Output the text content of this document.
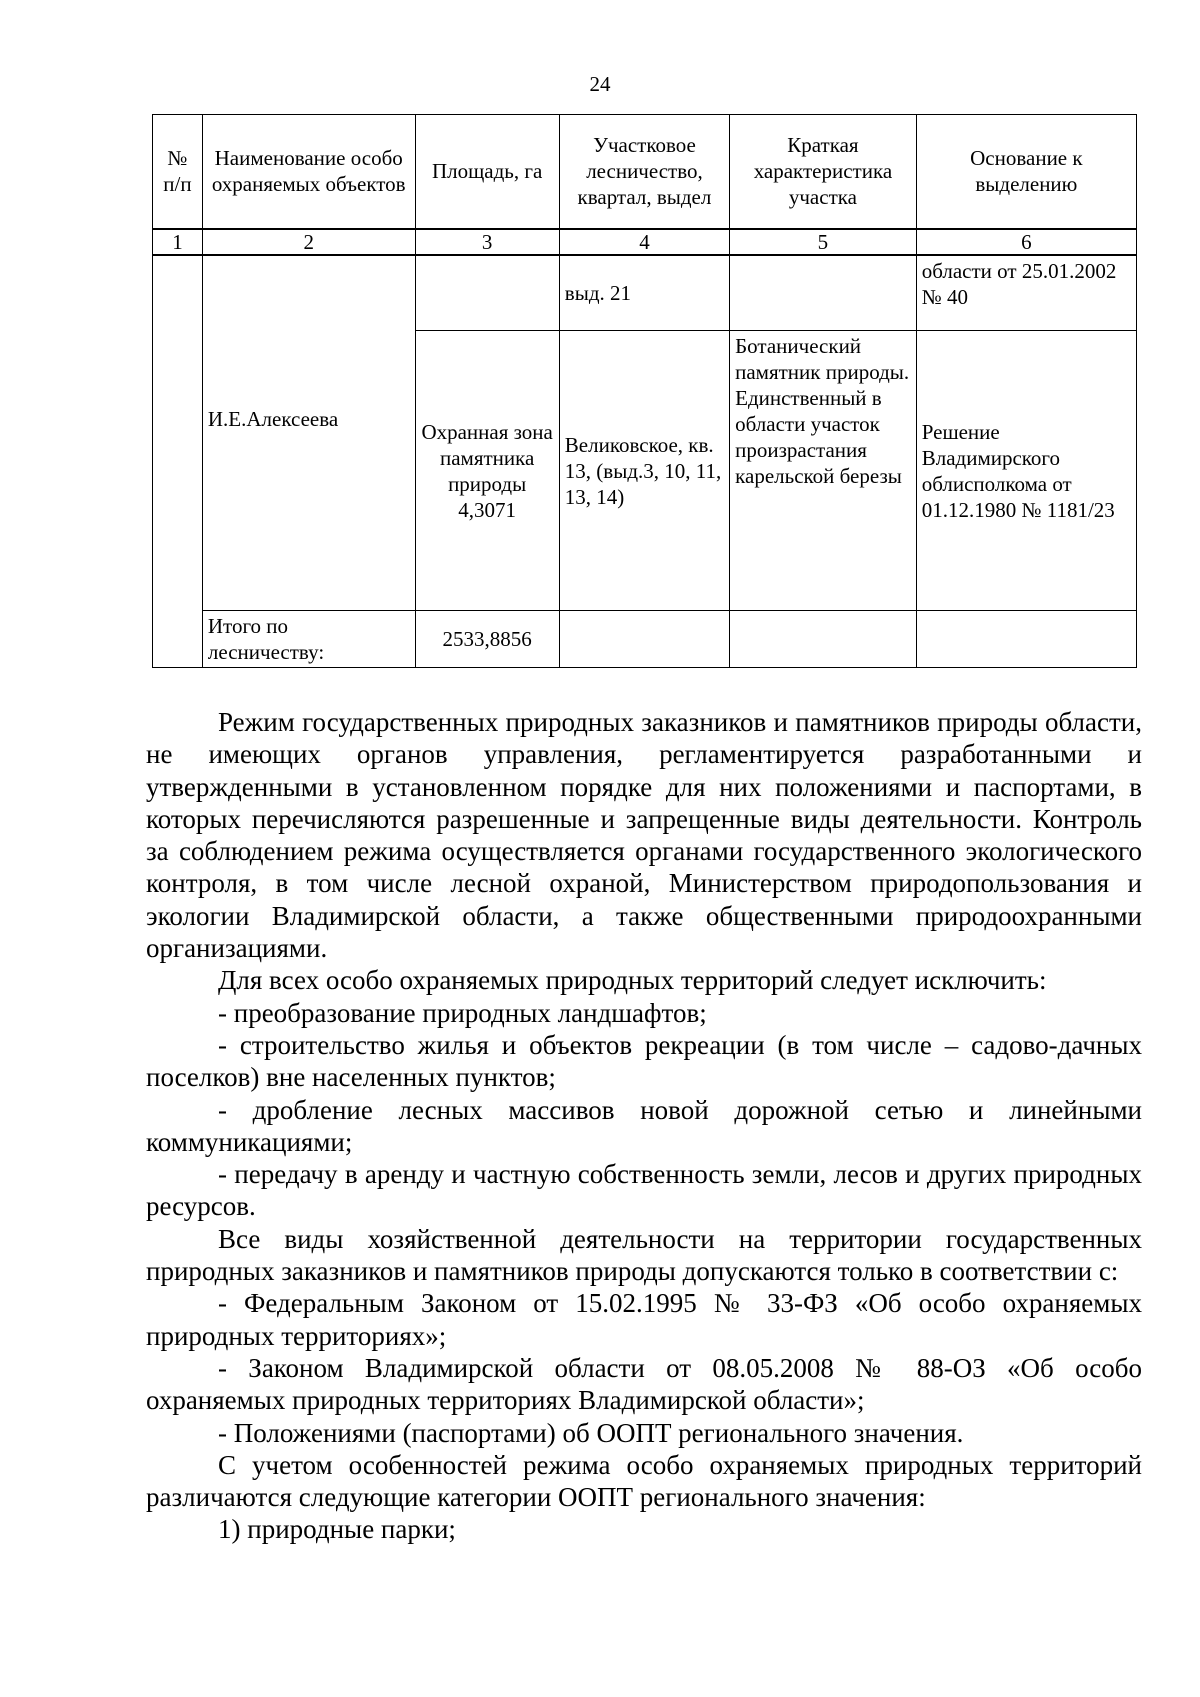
24
№ п/п	Наименование особо охраняемых объектов	Площадь, га	Участковое лесничество, квартал, выдел	Краткая характеристика участка	Основание к выделению
1	2	3	4	5	6

	И.Е.Алексеева		выд. 21		области от 25.01.2002 № 40
		Охранная зона памятника природы 4,3071	Великовское, кв. 13, (выд.3, 10, 11, 13, 14)	Ботанический памятник природы. Единственный в области участок произрастания карельской березы	Решение Владимирского облисполкома от 01.12.1980 № 1181/23
	Итого по лесничеству:	2533,8856			

Режим государственных природных заказников и памятников природы области, не имеющих органов управления, регламентируется разработанными и утвержденными в установленном порядке для них положениями и паспортами, в которых перечисляются разрешенные и запрещенные виды деятельности. Контроль за соблюдением режима осуществляется органами государственного экологического контроля, в том числе лесной охраной, Министерством природопользования и экологии Владимирской области, а также общественными природоохранными организациями.

Для всех особо охраняемых природных территорий следует исключить:

- преобразование природных ландшафтов;

- строительство жилья и объектов рекреации (в том числе – садово-дачных поселков) вне населенных пунктов;

- дробление лесных массивов новой дорожной сетью и линейными коммуникациями;

- передачу в аренду и частную собственность земли, лесов и других природных ресурсов.

Все виды хозяйственной деятельности на территории государственных природных заказников и памятников природы допускаются только в соответствии с:

- Федеральным Законом от 15.02.1995 № 33-ФЗ «Об особо охраняемых природных территориях»;

- Законом Владимирской области от 08.05.2008 № 88-ОЗ «Об особо охраняемых природных территориях Владимирской области»;

- Положениями (паспортами) об ООПТ регионального значения.

С учетом особенностей режима особо охраняемых природных территорий различаются следующие категории ООПТ регионального значения:

1) природные парки;
